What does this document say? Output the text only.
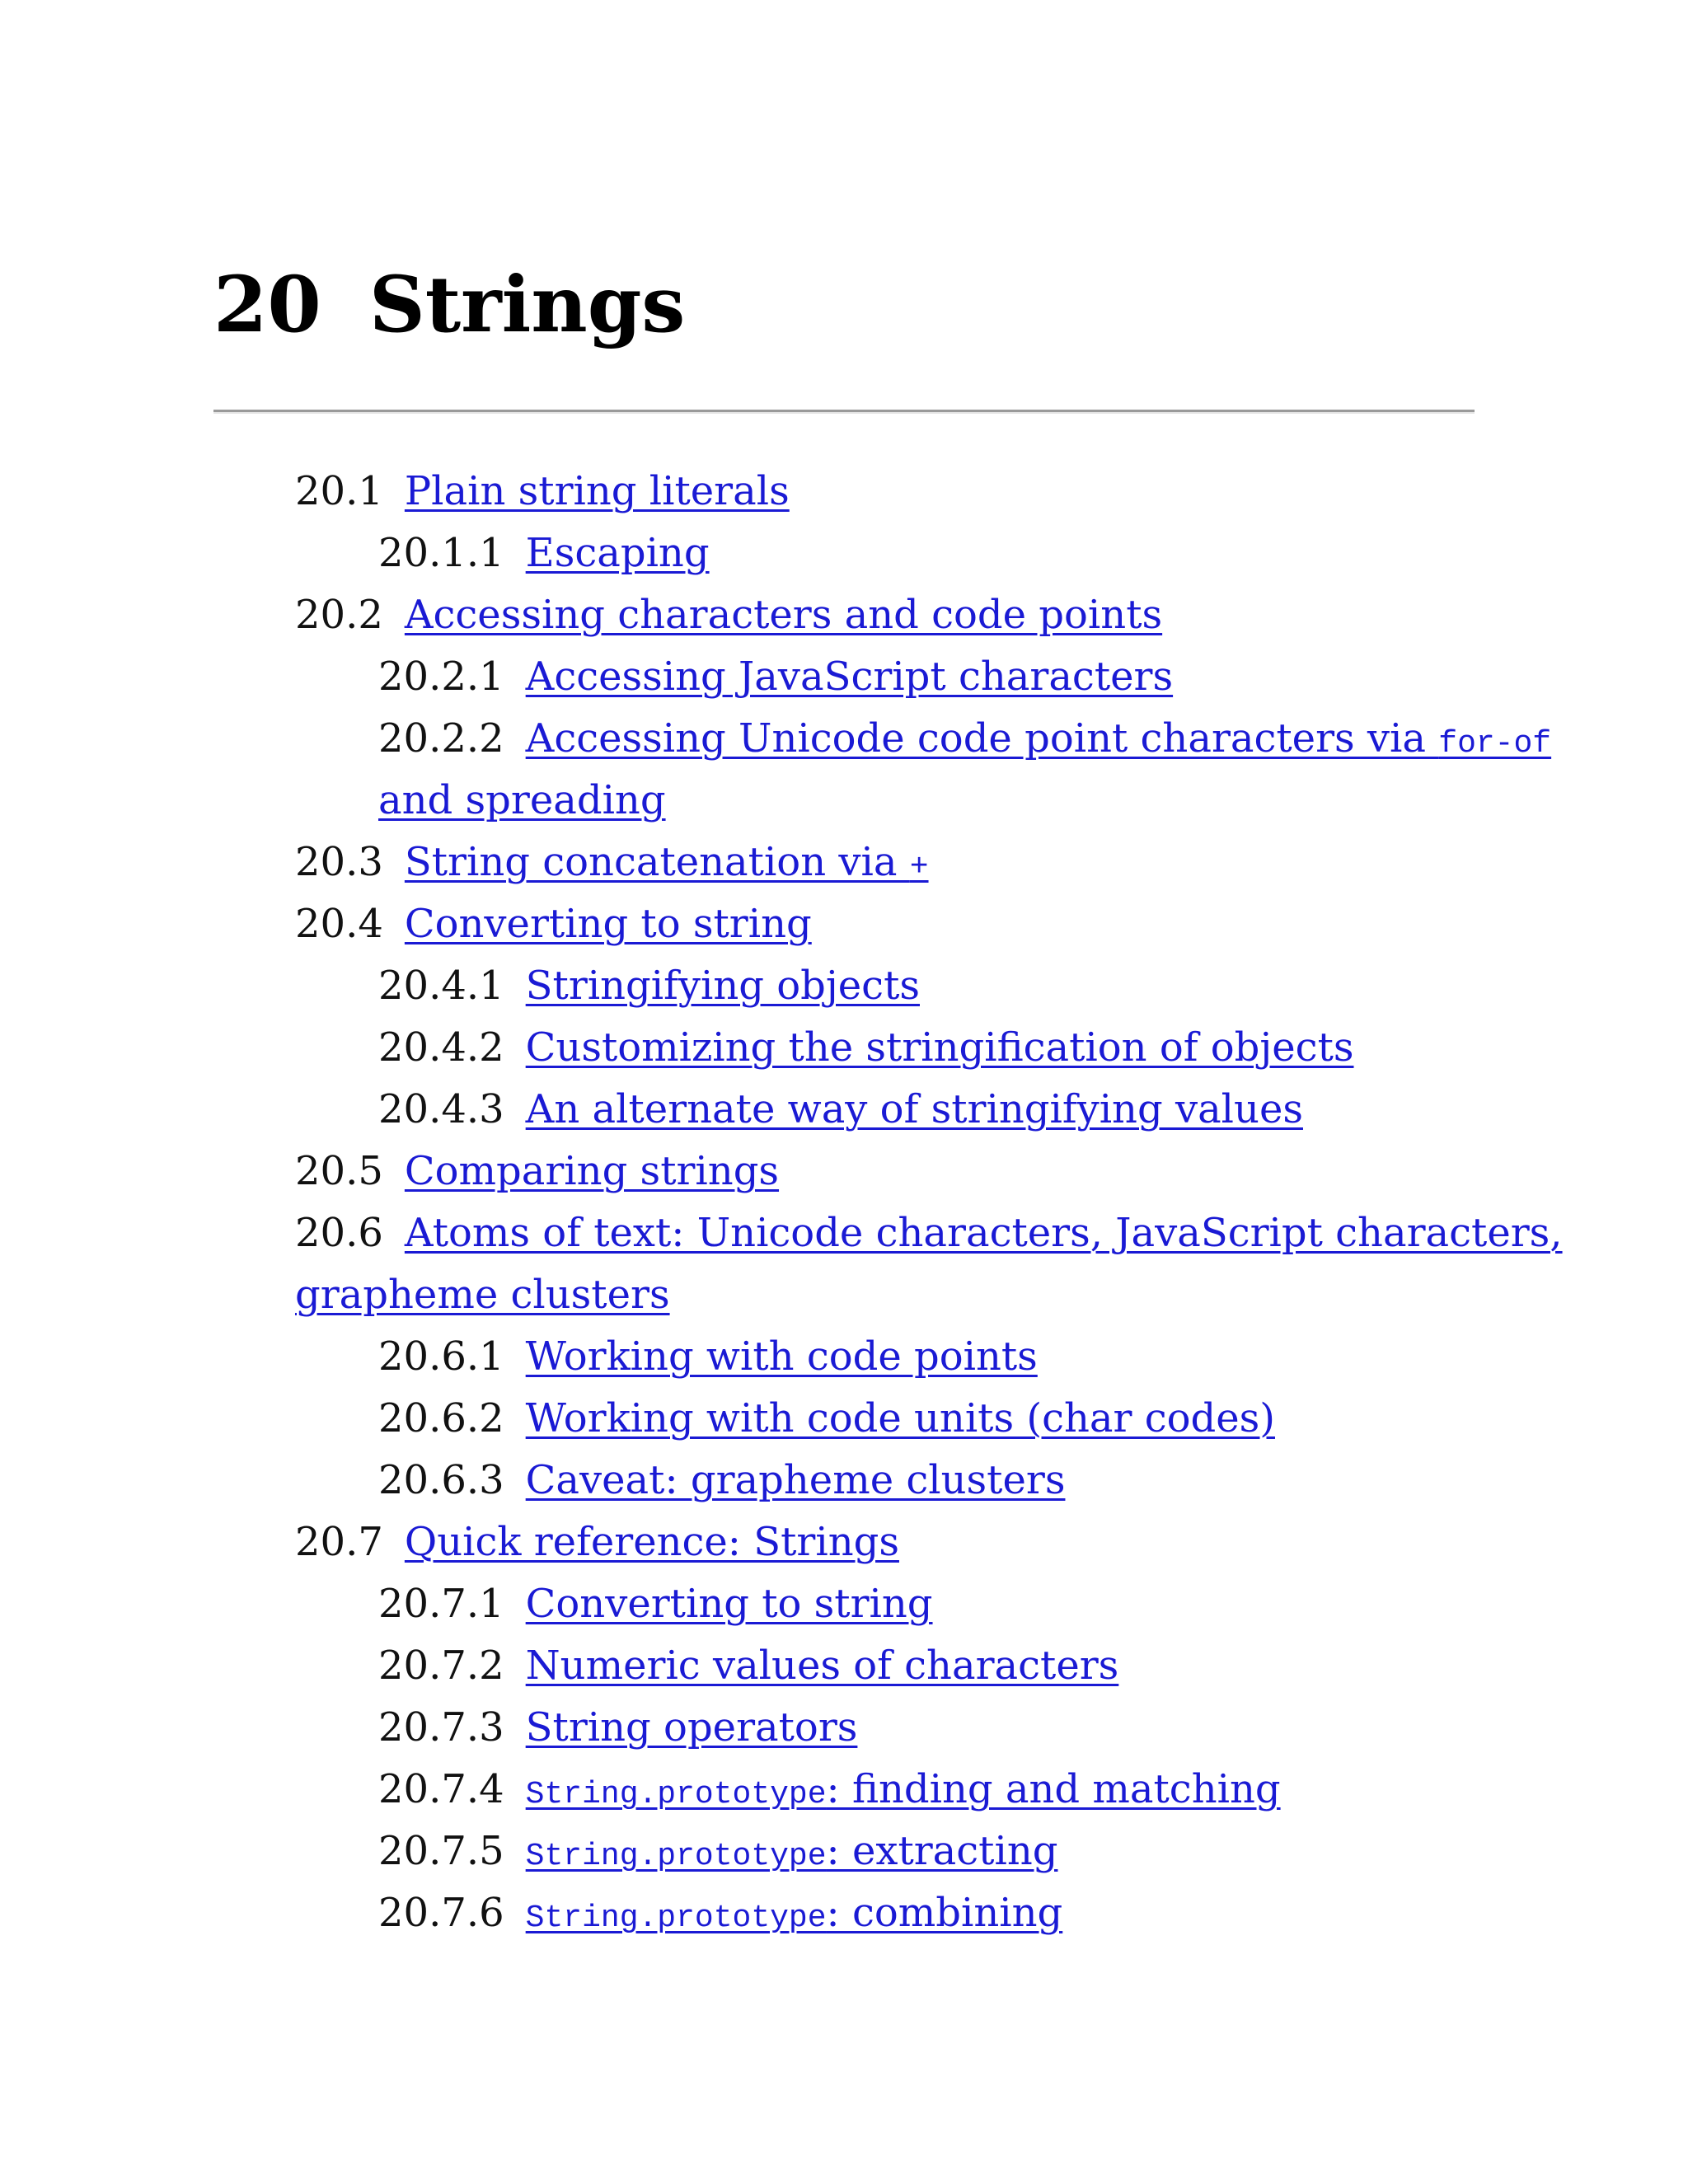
20 Strings
20.1 Plain string literals
20.1.1 Escaping
20.2 Accessing characters and code points
20.2.1 Accessing JavaScript characters
20.2.2 Accessing Unicode code point characters via for-of
and spreading
20.3 String concatenation via +
20.4 Converting to string
20.4.1 Stringifying objects
20.4.2 Customizing the stringification of objects
20.4.3 An alternate way of stringifying values
20.5 Comparing strings
20.6 Atoms of text: Unicode characters, JavaScript characters,
grapheme clusters
20.6.1 Working with code points
20.6.2 Working with code units (char codes)
20.6.3 Caveat: grapheme clusters
20.7 Quick reference: Strings
20.7.1 Converting to string
20.7.2 Numeric values of characters
20.7.3 String operators
20.7.4 String.prototype: finding and matching
20.7.5 String.prototype: extracting
20.7.6 String.prototype: combining
